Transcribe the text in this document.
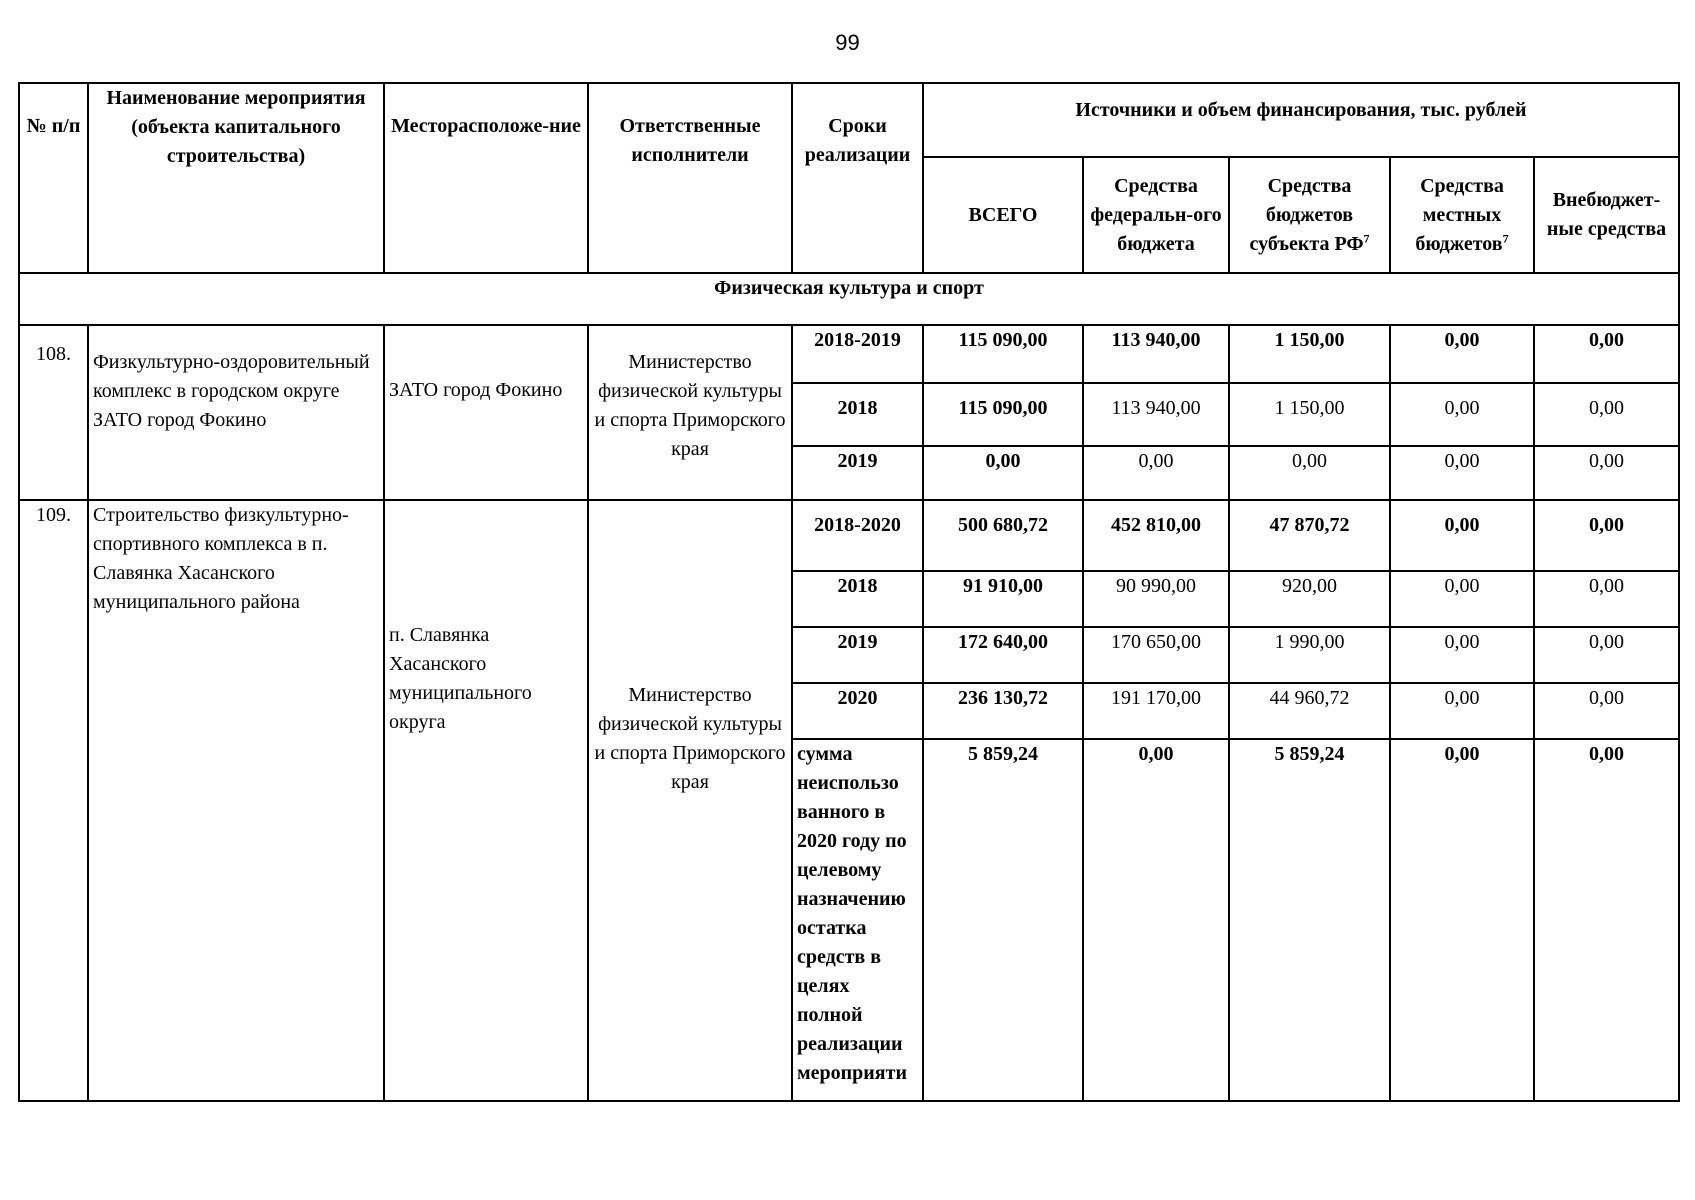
99
№ п/п	Наименование мероприятия (объекта капитального строительства)	Месторасположе-ние	Ответственные исполнители	Сроки реализации	Источники и объем финансирования, тыс. рублей				
					ВСЕГО	Средства федеральн-ого бюджета	Средства бюджетов субъекта $РФ^7$	Средства местных бюджетов$^7$	Внебюджет-ные средства
Физическая культура и спорт									
108.	Физкультурно-оздоровительный комплекс в городском округе ЗАТО город Фокино	ЗАТО город Фокино	Министерство физической культуры и спорта Приморского края	2018-2019	115 090,00	113 940,00	1 150,00	0,00	0,00
				2018	115 090,00	113 940,00	1 150,00	0,00	0,00
				2019	0,00	0,00	0,00	0,00	0,00
109.	Строительство физкультурно-спортивного комплекса в п. Славянка Хасанского муниципального района	п. Славянка Хасанского муниципального округа	Министерство физической культуры и спорта Приморского края	2018-2020	500 680,72	452 810,00	47 870,72	0,00	0,00
				2018	91 910,00	90 990,00	920,00	0,00	0,00
				2019	172 640,00	170 650,00	1 990,00	0,00	0,00
				2020	236 130,72	191 170,00	44 960,72	0,00	0,00
				сумма неиспользо ванного в 2020 году по целевому назначению остатка средств в целях полной реализации мероприяти	5 859,24	0,00	5 859,24	0,00	0,00
